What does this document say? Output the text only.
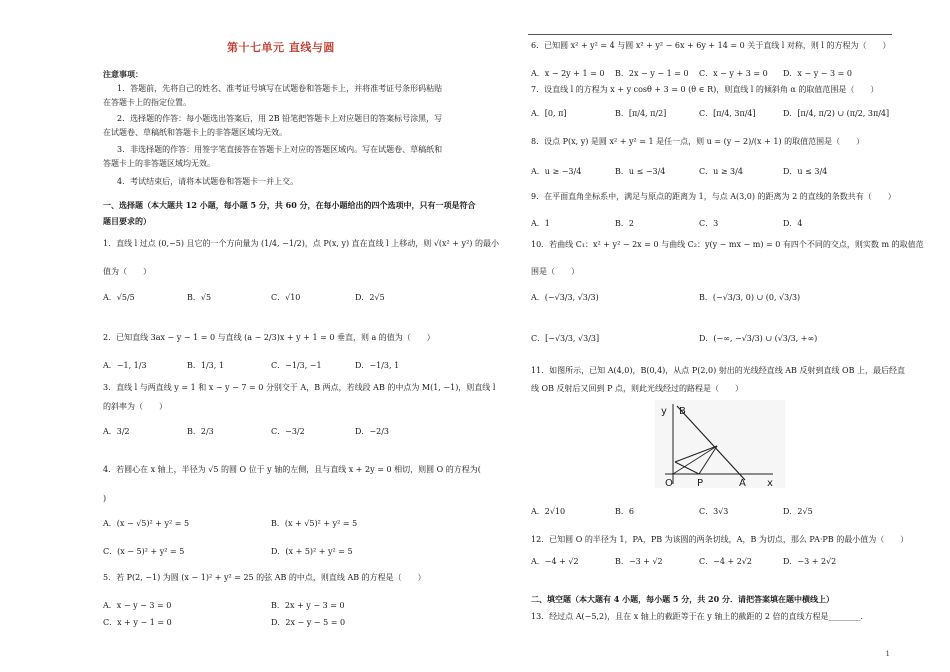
第十七单元 直线与圆
注意事项：
1．答题前，先将自己的姓名、准考证号填写在试题卷和答题卡上，并将准考证号条形码粘贴
在答题卡上的指定位置。
2．选择题的作答：每小题选出答案后，用 2B 铅笔把答题卡上对应题目的答案标号涂黑，写
在试题卷、草稿纸和答题卡上的非答题区域均无效。
3．非选择题的作答：用签字笔直接答在答题卡上对应的答题区域内。写在试题卷、草稿纸和
答题卡上的非答题区域均无效。
4．考试结束后，请将本试题卷和答题卡一并上交。
一、选择题（本大题共 12 小题，每小题 5 分，共 60 分，在每小题给出的四个选项中，只有一项是符合
题目要求的）
1．直线 l 过点 (0,−5) 且它的一个方向量为 (1/4, −1/2)，点 P(x, y) 直在直线 l 上移动，则 √(x² + y²) 的最小
值为（　　）
A．√5/5	B．√5	C．√10	D．2√5
2．已知直线 3ax − y − 1 = 0 与直线 (a − 2/3)x + y + 1 = 0 垂直，则 a 的值为（　　）
A．−1, 1/3	B．1/3, 1	C．−1/3, −1	D．−1/3, 1
3．直线 l 与两直线 y = 1 和 x − y − 7 = 0 分别交于 A，B 两点，若线段 AB 的中点为 M(1, −1)，则直线 l
的斜率为（　　）
A．3/2	B．2/3	C．−3/2	D．−2/3
4．若圆心在 x 轴上，半径为 √5 的圆 O 位于 y 轴的左侧，且与直线 x + 2y = 0 相切，则圆 O 的方程为(
)
A．(x − √5)² + y² = 5	B．(x + √5)² + y² = 5
C．(x − 5)² + y² = 5	D．(x + 5)² + y² = 5
5．若 P(2, −1) 为圆 (x − 1)² + y² = 25 的弦 AB 的中点，则直线 AB 的方程是（　　）
A．x − y − 3 = 0	B．2x + y − 3 = 0
C．x + y − 1 = 0	D．2x − y − 5 = 0
6．已知圆 x² + y² = 4 与圆 x² + y² − 6x + 6y + 14 = 0 关于直线 l 对称，则 l 的方程为（　　）
A．x − 2y + 1 = 0 B．2x − y − 1 = 0 C．x − y + 3 = 0 D．x − y − 3 = 0
7．设直线 l 的方程为 x + y cosθ + 3 = 0 (θ ∈ R)，则直线 l 的倾斜角 α 的取值范围是（　　）
A．[0, π]	B．[π/4, π/2]	C．[π/4, 3π/4]	D．[π/4, π/2) ∪ (π/2, 3π/4]
8．设点 P(x, y) 是圆 x² + y² = 1 是任一点，则 u = (y − 2)/(x + 1) 的取值范围是（　　）
A．u ≥ −3/4	B．u ≤ −3/4	C．u ≥ 3/4	D．u ≤ 3/4
9．在平面直角坐标系中，满足与原点的距离为 1，与点 A(3,0) 的距离为 2 的直线的条数共有（　　）
A．1	B．2	C．3	D．4
10．若曲线 C₁：x² + y² − 2x = 0 与曲线 C₂：y(y − mx − m) = 0 有四个不同的交点，则实数 m 的取值范
围是（　　）
A．(−√3/3, √3/3)	B．(−√3/3, 0) ∪ (0, √3/3)
C．[−√3/3, √3/3]	D．(−∞, −√3/3) ∪ (√3/3, +∞)
11．如图所示，已知 A(4,0)，B(0,4)，从点 P(2,0) 射出的光线经直线 AB 反射到直线 OB 上，最后经直
线 OB 反射后又回到 P 点，则此光线经过的路程是（　　）
y B
O P	A x
A．2√10	B．6	C．3√3	D．2√5
12．已知圆 O 的半径为 1，PA，PB 为该圆的两条切线，A，B 为切点，那么 PA·PB 的最小值为（　　）
A．−4 + √2	B．−3 + √2	C．−4 + 2√2	D．−3 + 2√2
二、填空题（本大题有 4 小题，每小题 5 分，共 20 分．请把答案填在题中横线上）
13．经过点 A(−5,2)，且在 x 轴上的截距等于在 y 轴上的截距的 2 倍的直线方程是________．
1
